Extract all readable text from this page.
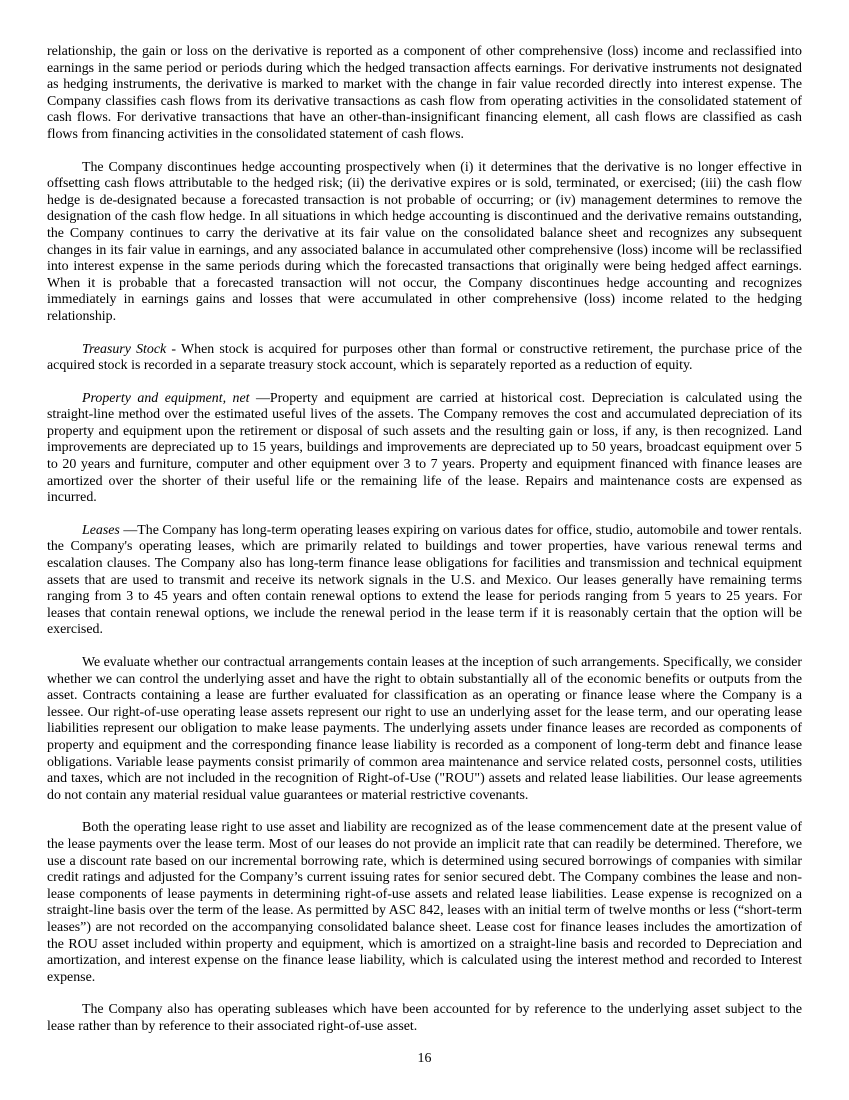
relationship, the gain or loss on the derivative is reported as a component of other comprehensive (loss) income and reclassified into earnings in the same period or periods during which the hedged transaction affects earnings. For derivative instruments not designated as hedging instruments, the derivative is marked to market with the change in fair value recorded directly into interest expense. The Company classifies cash flows from its derivative transactions as cash flow from operating activities in the consolidated statement of cash flows. For derivative transactions that have an other-than-insignificant financing element, all cash flows are classified as cash flows from financing activities in the consolidated statement of cash flows.

The Company discontinues hedge accounting prospectively when (i) it determines that the derivative is no longer effective in offsetting cash flows attributable to the hedged risk; (ii) the derivative expires or is sold, terminated, or exercised; (iii) the cash flow hedge is de-designated because a forecasted transaction is not probable of occurring; or (iv) management determines to remove the designation of the cash flow hedge. In all situations in which hedge accounting is discontinued and the derivative remains outstanding, the Company continues to carry the derivative at its fair value on the consolidated balance sheet and recognizes any subsequent changes in its fair value in earnings, and any associated balance in accumulated other comprehensive (loss) income will be reclassified into interest expense in the same periods during which the forecasted transactions that originally were being hedged affect earnings. When it is probable that a forecasted transaction will not occur, the Company discontinues hedge accounting and recognizes immediately in earnings gains and losses that were accumulated in other comprehensive (loss) income related to the hedging relationship.

Treasury Stock - When stock is acquired for purposes other than formal or constructive retirement, the purchase price of the acquired stock is recorded in a separate treasury stock account, which is separately reported as a reduction of equity.

Property and equipment, net —Property and equipment are carried at historical cost. Depreciation is calculated using the straight-line method over the estimated useful lives of the assets. The Company removes the cost and accumulated depreciation of its property and equipment upon the retirement or disposal of such assets and the resulting gain or loss, if any, is then recognized. Land improvements are depreciated up to 15 years, buildings and improvements are depreciated up to 50 years, broadcast equipment over 5 to 20 years and furniture, computer and other equipment over 3 to 7 years. Property and equipment financed with finance leases are amortized over the shorter of their useful life or the remaining life of the lease. Repairs and maintenance costs are expensed as incurred.

Leases —The Company has long-term operating leases expiring on various dates for office, studio, automobile and tower rentals. the Company's operating leases, which are primarily related to buildings and tower properties, have various renewal terms and escalation clauses. The Company also has long-term finance lease obligations for facilities and transmission and technical equipment assets that are used to transmit and receive its network signals in the U.S. and Mexico. Our leases generally have remaining terms ranging from 3 to 45 years and often contain renewal options to extend the lease for periods ranging from 5 years to 25 years. For leases that contain renewal options, we include the renewal period in the lease term if it is reasonably certain that the option will be exercised.

We evaluate whether our contractual arrangements contain leases at the inception of such arrangements. Specifically, we consider whether we can control the underlying asset and have the right to obtain substantially all of the economic benefits or outputs from the asset. Contracts containing a lease are further evaluated for classification as an operating or finance lease where the Company is a lessee. Our right-of-use operating lease assets represent our right to use an underlying asset for the lease term, and our operating lease liabilities represent our obligation to make lease payments. The underlying assets under finance leases are recorded as components of property and equipment and the corresponding finance lease liability is recorded as a component of long-term debt and finance lease obligations. Variable lease payments consist primarily of common area maintenance and service related costs, personnel costs, utilities and taxes, which are not included in the recognition of Right-of-Use ("ROU") assets and related lease liabilities. Our lease agreements do not contain any material residual value guarantees or material restrictive covenants.

Both the operating lease right to use asset and liability are recognized as of the lease commencement date at the present value of the lease payments over the lease term. Most of our leases do not provide an implicit rate that can readily be determined. Therefore, we use a discount rate based on our incremental borrowing rate, which is determined using secured borrowings of companies with similar credit ratings and adjusted for the Company’s current issuing rates for senior secured debt. The Company combines the lease and non-lease components of lease payments in determining right-of-use assets and related lease liabilities. Lease expense is recognized on a straight-line basis over the term of the lease. As permitted by ASC 842, leases with an initial term of twelve months or less (“short-term leases”) are not recorded on the accompanying consolidated balance sheet. Lease cost for finance leases includes the amortization of the ROU asset included within property and equipment, which is amortized on a straight-line basis and recorded to Depreciation and amortization, and interest expense on the finance lease liability, which is calculated using the interest method and recorded to Interest expense.

The Company also has operating subleases which have been accounted for by reference to the underlying asset subject to the lease rather than by reference to their associated right-of-use asset.

16
